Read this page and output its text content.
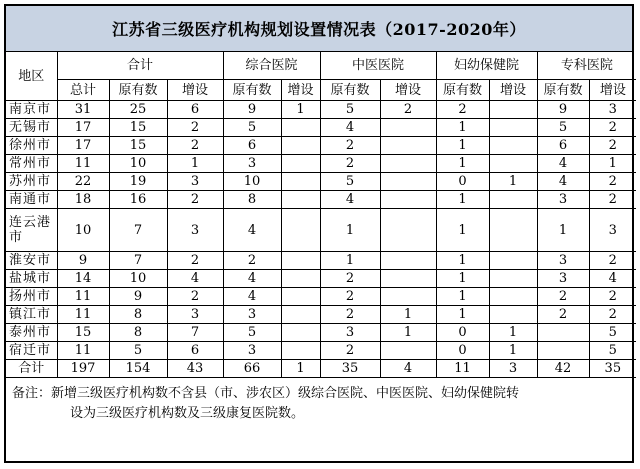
江苏省三级医疗机构规划设置情况表（2017-2020年）
地区	合计			综合医院		中医医院		妇幼保健院		专科医院	
	总计	原有数	增设	原有数	增设	原有数	增设	原有数	增设	原有数	增设
南京市	31	25	6	9	1	5	2	2		9	3
无锡市	17	15	2	5		4		1		5	2
徐州市	17	15	2	6		2		1		6	2
常州市	11	10	1	3		2		1		4	1
苏州市	22	19	3	10		5		0	1	4	2
南通市	18	16	2	8		4		1		3	2
连云港市	10	7	3	4		1		1		1	3
淮安市	9	7	2	2		1		1		3	2
盐城市	14	10	4	4		2		1		3	4
扬州市	11	9	2	4		2		1		2	2
镇江市	11	8	3	3		2	1	1		2	2
泰州市	15	8	7	5		3	1	0	1		5
宿迁市	11	5	6	3		2		0	1		5
合计	197	154	43	66	1	35	4	11	3	42	35
备注：新增三级医疗机构数不含县（市、涉农区）级综合医院、中医医院、妇幼保健院转
设为三级医疗机构数及三级康复医院数。
